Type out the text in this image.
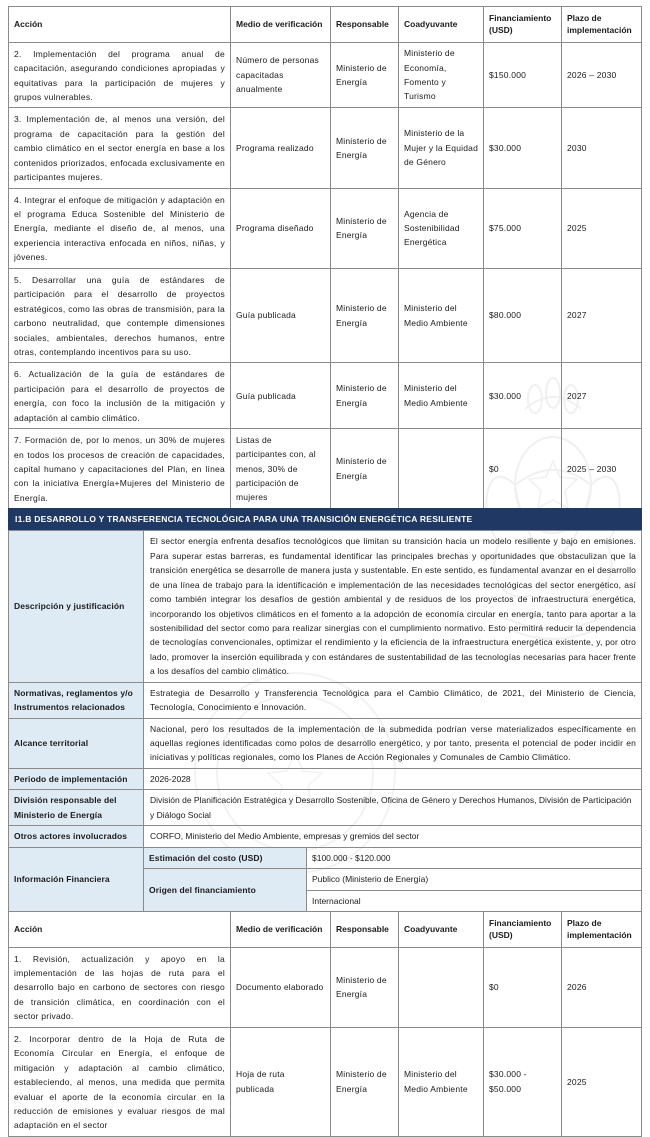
Acción	Medio de verificación	Responsable	Coadyuvante	Financiamiento (USD)	Plazo de implementación
2. Implementación del programa anual de capacitación, asegurando condiciones apropiadas y equitativas para la participación de mujeres y grupos vulnerables.	Número de personas capacitadas anualmente	Ministerio de Energía	Ministerio de Economía, Fomento y Turismo	$150.000	2026 – 2030
3. Implementación de, al menos una versión, del programa de capacitación para la gestión del cambio climático en el sector energía en base a los contenidos priorizados, enfocada exclusivamente en participantes mujeres.	Programa realizado	Ministerio de Energía	Ministerio de la Mujer y la Equidad de Género	$30.000	2030
4. Integrar el enfoque de mitigación y adaptación en el programa Educa Sostenible del Ministerio de Energía, mediante el diseño de, al menos, una experiencia interactiva enfocada en niños, niñas, y jóvenes.	Programa diseñado	Ministerio de Energía	Agencia de Sostenibilidad Energética	$75.000	2025
5. Desarrollar una guía de estándares de participación para el desarrollo de proyectos estratégicos, como las obras de transmisión, para la carbono neutralidad, que contemple dimensiones sociales, ambientales, derechos humanos, entre otras, contemplando incentivos para su uso.	Guía publicada	Ministerio de Energía	Ministerio del Medio Ambiente	$80.000	2027
6. Actualización de la guía de estándares de participación para el desarrollo de proyectos de energía, con foco la inclusión de la mitigación y adaptación al cambio climático.	Guía publicada	Ministerio de Energía	Ministerio del Medio Ambiente	$30.000	2027
7. Formación de, por lo menos, un 30% de mujeres en todos los procesos de creación de capacidades, capital humano y capacitaciones del Plan, en línea con la iniciativa Energía+Mujeres del Ministerio de Energía.	Listas de participantes con, al menos, 30% de participación de mujeres	Ministerio de Energía		$0	2025 – 2030
I1.B DESARROLLO Y TRANSFERENCIA TECNOLÓGICA PARA UNA TRANSICIÓN ENERGÉTICA RESILIENTE
Descripción y justificación	El sector energía enfrenta desafíos tecnológicos que limitan su transición hacia un modelo resiliente y bajo en emisiones. Para superar estas barreras, es fundamental identificar las principales brechas y oportunidades que obstaculizan que la transición energética se desarrolle de manera justa y sustentable. En este sentido, es fundamental avanzar en el desarrollo de una línea de trabajo para la identificación e implementación de las necesidades tecnológicas del sector energético, así como también integrar los desafíos de gestión ambiental y de residuos de los proyectos de infraestructura energética, incorporando los objetivos climáticos en el fomento a la adopción de economía circular en energía, tanto para aportar a la sostenibilidad del sector como para realizar sinergias con el cumplimiento normativo. Esto permitirá reducir la dependencia de tecnologías convencionales, optimizar el rendimiento y la eficiencia de la infraestructura energética existente, y, por otro lado, promover la inserción equilibrada y con estándares de sustentabilidad de las tecnologías necesarias para hacer frente a los desafíos del cambio climático.
Normativas, reglamentos y/o Instrumentos relacionados	Estrategia de Desarrollo y Transferencia Tecnológica para el Cambio Climático, de 2021, del Ministerio de Ciencia, Tecnología, Conocimiento e Innovación.
Alcance territorial	Nacional, pero los resultados de la implementación de la submedida podrían verse materializados específicamente en aquellas regiones identificadas como polos de desarrollo energético, y por tanto, presenta el potencial de poder incidir en iniciativas y políticas regionales, como los Planes de Acción Regionales y Comunales de Cambio Climático.
Periodo de implementación	2026-2028
División responsable del Ministerio de Energía	División de Planificación Estratégica y Desarrollo Sostenible, Oficina de Género y Derechos Humanos, División de Participación y Diálogo Social
Otros actores involucrados	CORFO, Ministerio del Medio Ambiente, empresas y gremios del sector
Información Financiera	Estimación del costo (USD)	$100.000 - $120.000
	Origen del financiamiento	Publico (Ministerio de Energía)
		Internacional
Acción	Medio de verificación	Responsable	Coadyuvante	Financiamiento (USD)	Plazo de implementación
1. Revisión, actualización y apoyo en la implementación de las hojas de ruta para el desarrollo bajo en carbono de sectores con riesgo de transición climática, en coordinación con el sector privado.	Documento elaborado	Ministerio de Energía		$0	2026
2. Incorporar dentro de la Hoja de Ruta de Economía Circular en Energía, el enfoque de mitigación y adaptación al cambio climático, estableciendo, al menos, una medida que permita evaluar el aporte de la economía circular en la reducción de emisiones y evaluar riesgos de mal adaptación en el sector	Hoja de ruta publicada	Ministerio de Energía	Ministerio del Medio Ambiente	$30.000 - $50.000	2025
